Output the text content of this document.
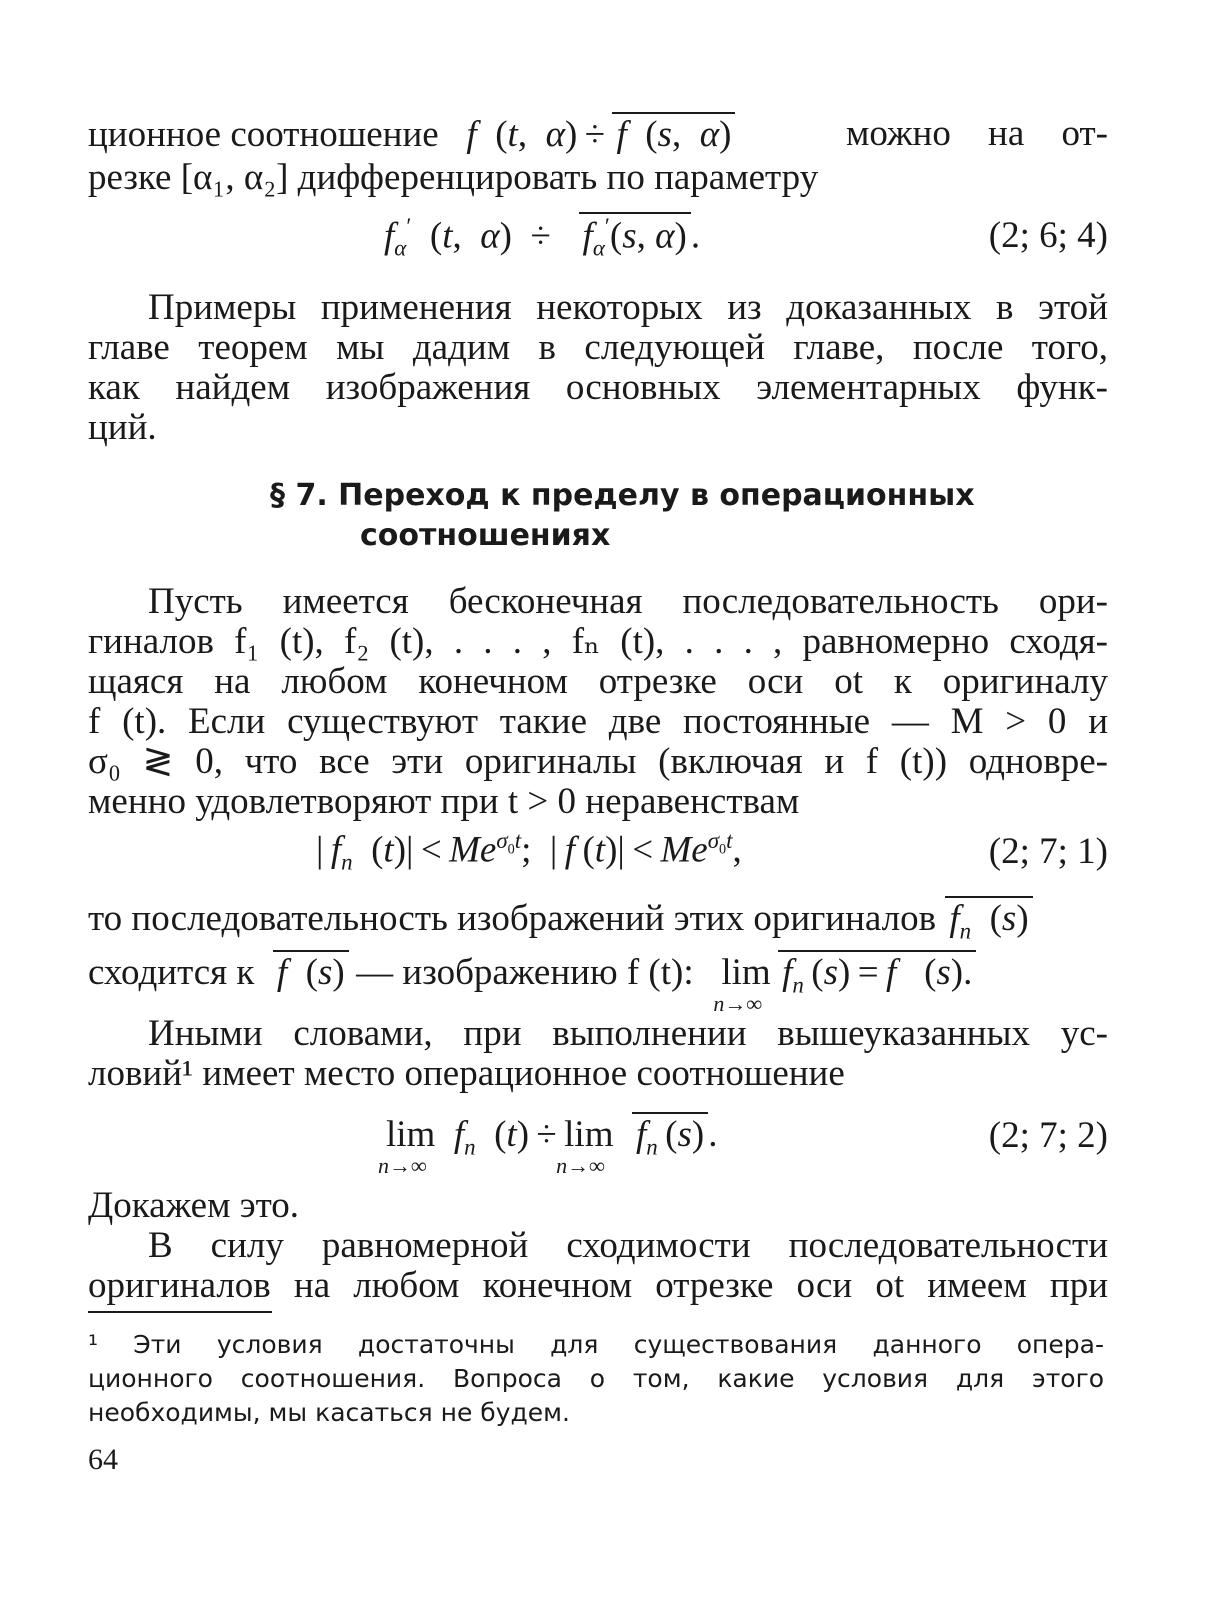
ционное соотношение f  (t,  α) ÷ f  (s,  α)	можно на от-
резке [α₁, α₂] дифференцировать по параметру
$f_\alpha'$  (t,  $\alpha) \div f_\alpha'(s$, α) .	(2; 6; 4)
Примеры применения некоторых из доказанных в этой
главе теорем мы дадим в следующей главе, после того,
как найдем изображения основных элементарных функ-
ций.
§ 7. Переход к пределу в операционных
соотношениях
Пусть имеется бесконечная последовательность ори-
гиналов f₁ (t), f₂ (t), . . . , fₙ (t), . . . , равномерно сходя-
щаяся на любом конечном отрезке оси ot к оригиналу
f (t). Если существуют такие две постоянные — M > 0 и
σ₀ ≷ 0, что все эти оригиналы (включая и f (t)) одновре-
менно удовлетворяют при t > 0 неравенствам
| $f_n$  $(t)| < Me^{\sigma_0t}$;  | f $(t)| < Me^{\sigma_0t}$,	(2; 7; 1)
то последовательность изображений этих оригиналов $f_n$  (s)
сходится к f  (s)  — изображению f (t): lim
n→∞
 $f_n$ (s) = f   (s).
Иными словами, при выполнении вышеуказанных ус-
ловий¹ имеет место операционное соотношение
lim
n→∞
$f_n$  (t) ÷ lim
n→∞
$f_n$ (s) .	(2; 7; 2)
Докажем это.
В силу равномерной сходимости последовательности
оригиналов на любом конечном отрезке оси ot имеем при
¹ Эти условия достаточны для существования данного опера-
ционного соотношения. Вопроса о том, какие условия для этого
необходимы, мы касаться не будем.
64
